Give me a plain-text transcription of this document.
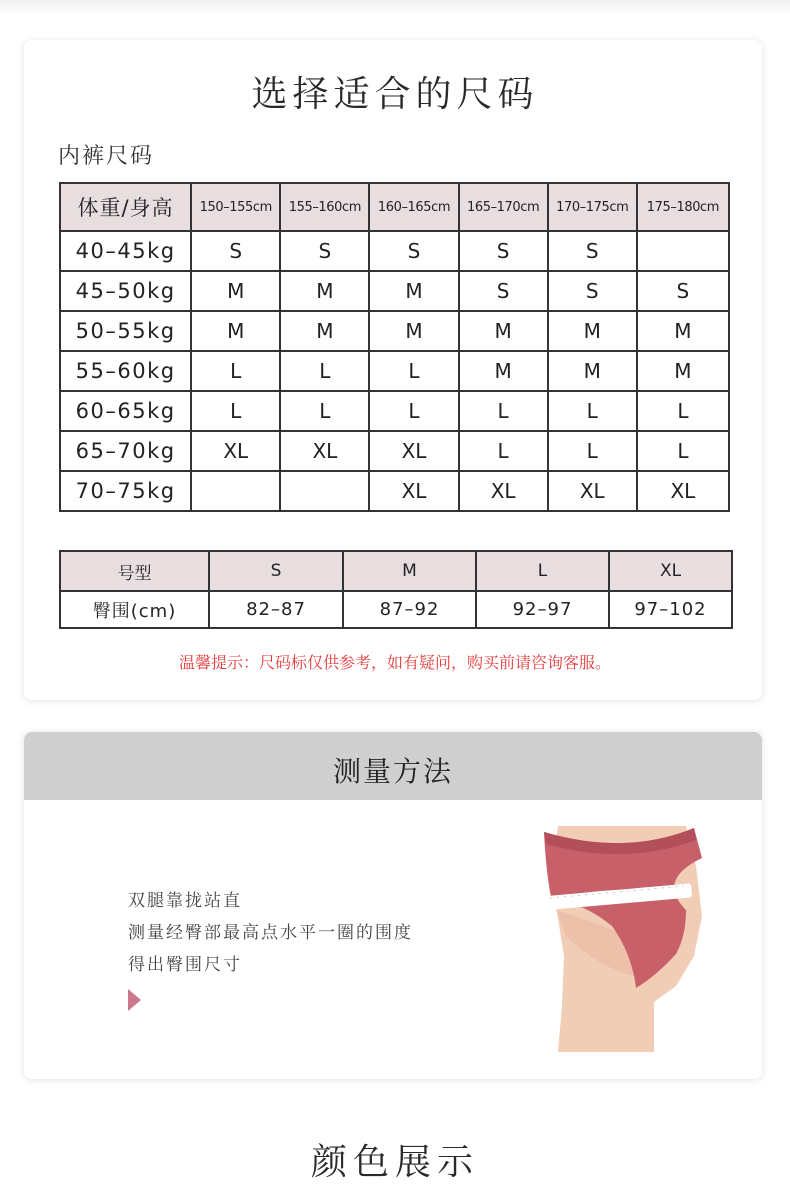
选择适合的尺码
内裤尺码
体重/身高	150–155cm	155–160cm	160–165cm	165–170cm	170–175cm	175–180cm
40–45kg	S	S	S	S	S	
45–50kg	M	M	M	S	S	S
50–55kg	M	M	M	M	M	M
55–60kg	L	L	L	M	M	M
60–65kg	L	L	L	L	L	L
65–70kg	XL	XL	XL	L	L	L
70–75kg			XL	XL	XL	XL
号型	S	M	L	XL
臀围(cm)	82–87	87–92	92–97	97–102
温馨提示：尺码标仅供参考，如有疑问，购买前请咨询客服。
测量方法
双腿靠拢站直
测量经臀部最高点水平一圈的围度
得出臀围尺寸
颜色展示
